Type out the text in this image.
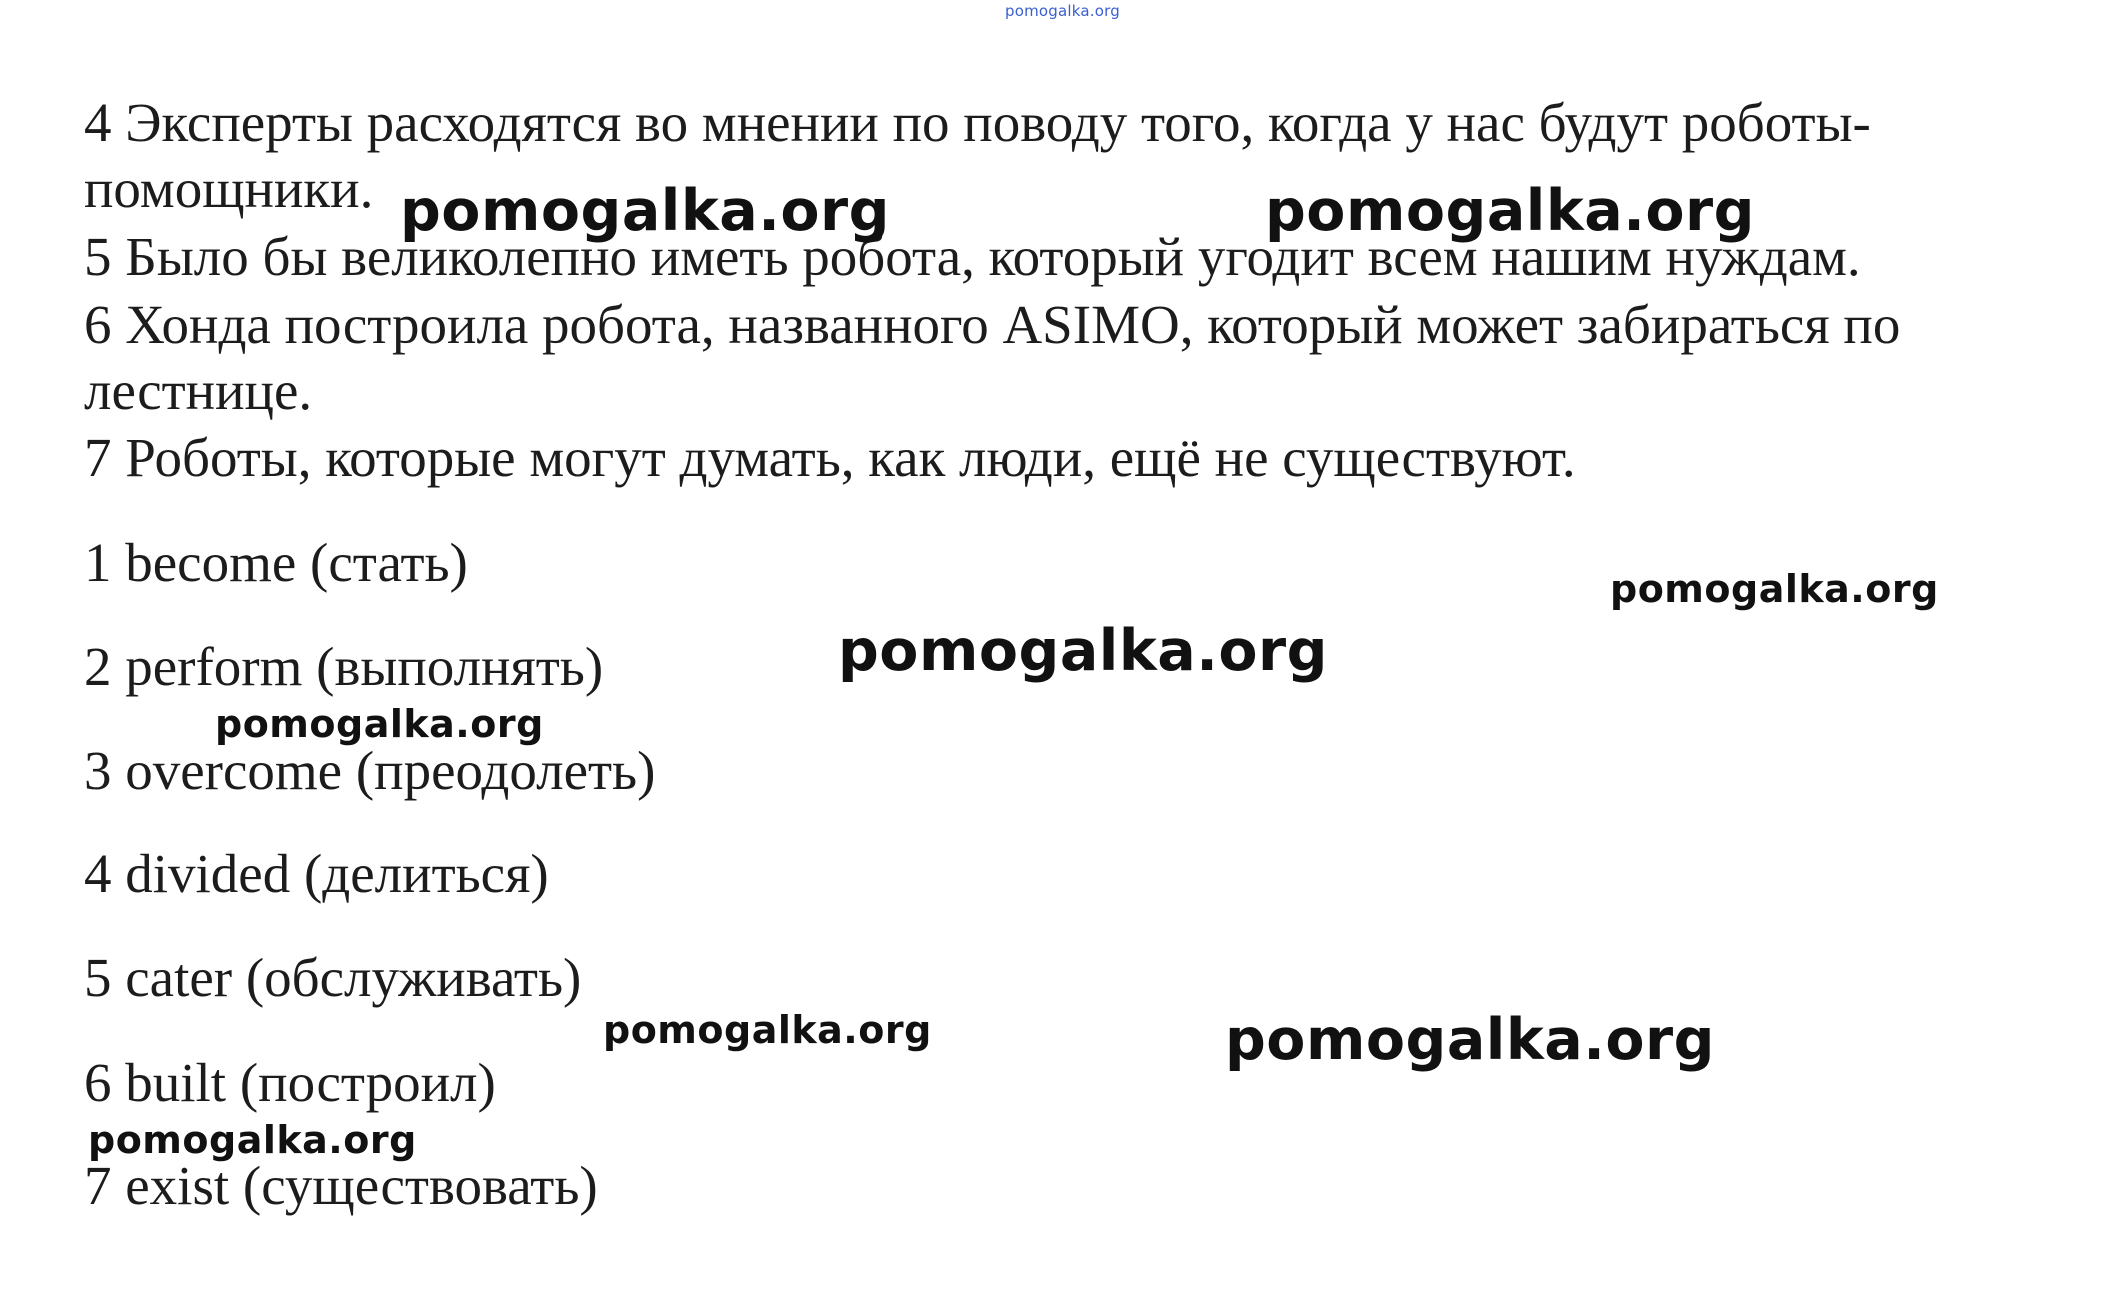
pomogalka.org
4 Эксперты расходятся во мнении по поводу того, когда у нас будут роботы-
помощники.
5 Было бы великолепно иметь робота, который угодит всем нашим нуждам.
6 Хонда построила робота, названного ASIMO, который может забираться по
лестнице.
7 Роботы, которые могут думать, как люди, ещё не существуют.
1 become (стать)
2 perform (выполнять)
3 overcome (преодолеть)
4 divided (делиться)
5 cater (обслуживать)
6 built (построил)
7 exist (существовать)
pomogalka.org	pomogalka.org
pomogalka.org
pomogalka.org
pomogalka.org
pomogalka.org	pomogalka.org
pomogalka.org
